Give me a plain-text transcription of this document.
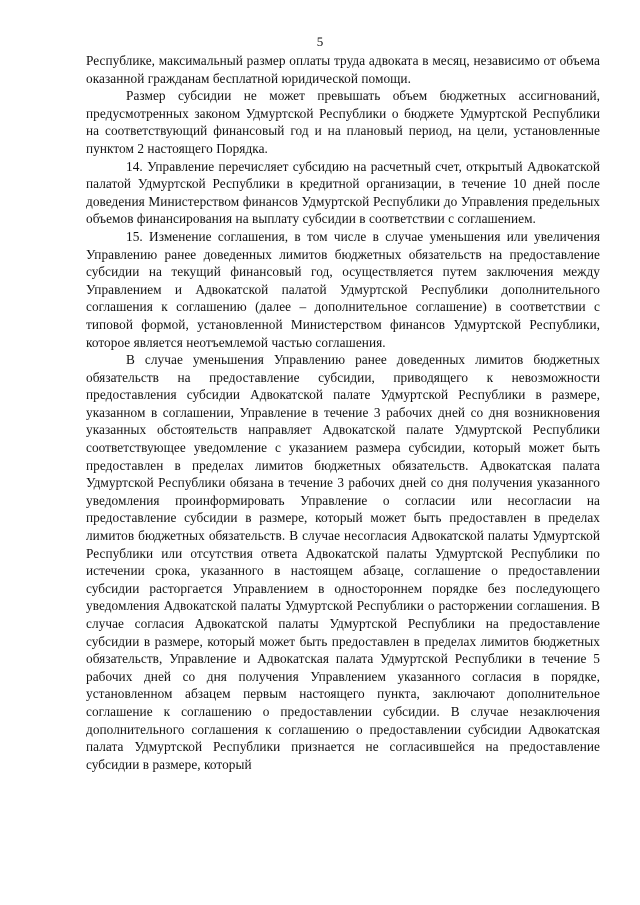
5

Республике, максимальный размер оплаты труда адвоката в месяц, независимо от объема оказанной гражданам бесплатной юридической помощи.

Размер субсидии не может превышать объем бюджетных ассигнований, предусмотренных законом Удмуртской Республики о бюджете Удмуртской Республики на соответствующий финансовый год и на плановый период, на цели, установленные пунктом 2 настоящего Порядка.

14. Управление перечисляет субсидию на расчетный счет, открытый Адвокатской палатой Удмуртской Республики в кредитной организации, в течение 10 дней после доведения Министерством финансов Удмуртской Республики до Управления предельных объемов финансирования на выплату субсидии в соответствии с соглашением.

15. Изменение соглашения, в том числе в случае уменьшения или увеличения Управлению ранее доведенных лимитов бюджетных обязательств на предоставление субсидии на текущий финансовый год, осуществляется путем заключения между Управлением и Адвокатской палатой Удмуртской Республики дополнительного соглашения к соглашению (далее – дополнительное соглашение) в соответствии с типовой формой, установленной Министерством финансов Удмуртской Республики, которое является неотъемлемой частью соглашения.

В случае уменьшения Управлению ранее доведенных лимитов бюджетных обязательств на предоставление субсидии, приводящего к невозможности предоставления субсидии Адвокатской палате Удмуртской Республики в размере, указанном в соглашении, Управление в течение 3 рабочих дней со дня возникновения указанных обстоятельств направляет Адвокатской палате Удмуртской Республики соответствующее уведомление с указанием размера субсидии, который может быть предоставлен в пределах лимитов бюджетных обязательств. Адвокатская палата Удмуртской Республики обязана в течение 3 рабочих дней со дня получения указанного уведомления проинформировать Управление о согласии или несогласии на предоставление субсидии в размере, который может быть предоставлен в пределах лимитов бюджетных обязательств. В случае несогласия Адвокатской палаты Удмуртской Республики или отсутствия ответа Адвокатской палаты Удмуртской Республики по истечении срока, указанного в настоящем абзаце, соглашение о предоставлении субсидии расторгается Управлением в одностороннем порядке без последующего уведомления Адвокатской палаты Удмуртской Республики о расторжении соглашения. В случае согласия Адвокатской палаты Удмуртской Республики на предоставление субсидии в размере, который может быть предоставлен в пределах лимитов бюджетных обязательств, Управление и Адвокатская палата Удмуртской Республики в течение 5 рабочих дней со дня получения Управлением указанного согласия в порядке, установленном абзацем первым настоящего пункта, заключают дополнительное соглашение к соглашению о предоставлении субсидии. В случае незаключения дополнительного соглашения к соглашению о предоставлении субсидии Адвокатская палата Удмуртской Республики признается не согласившейся на предоставление субсидии в размере, который
